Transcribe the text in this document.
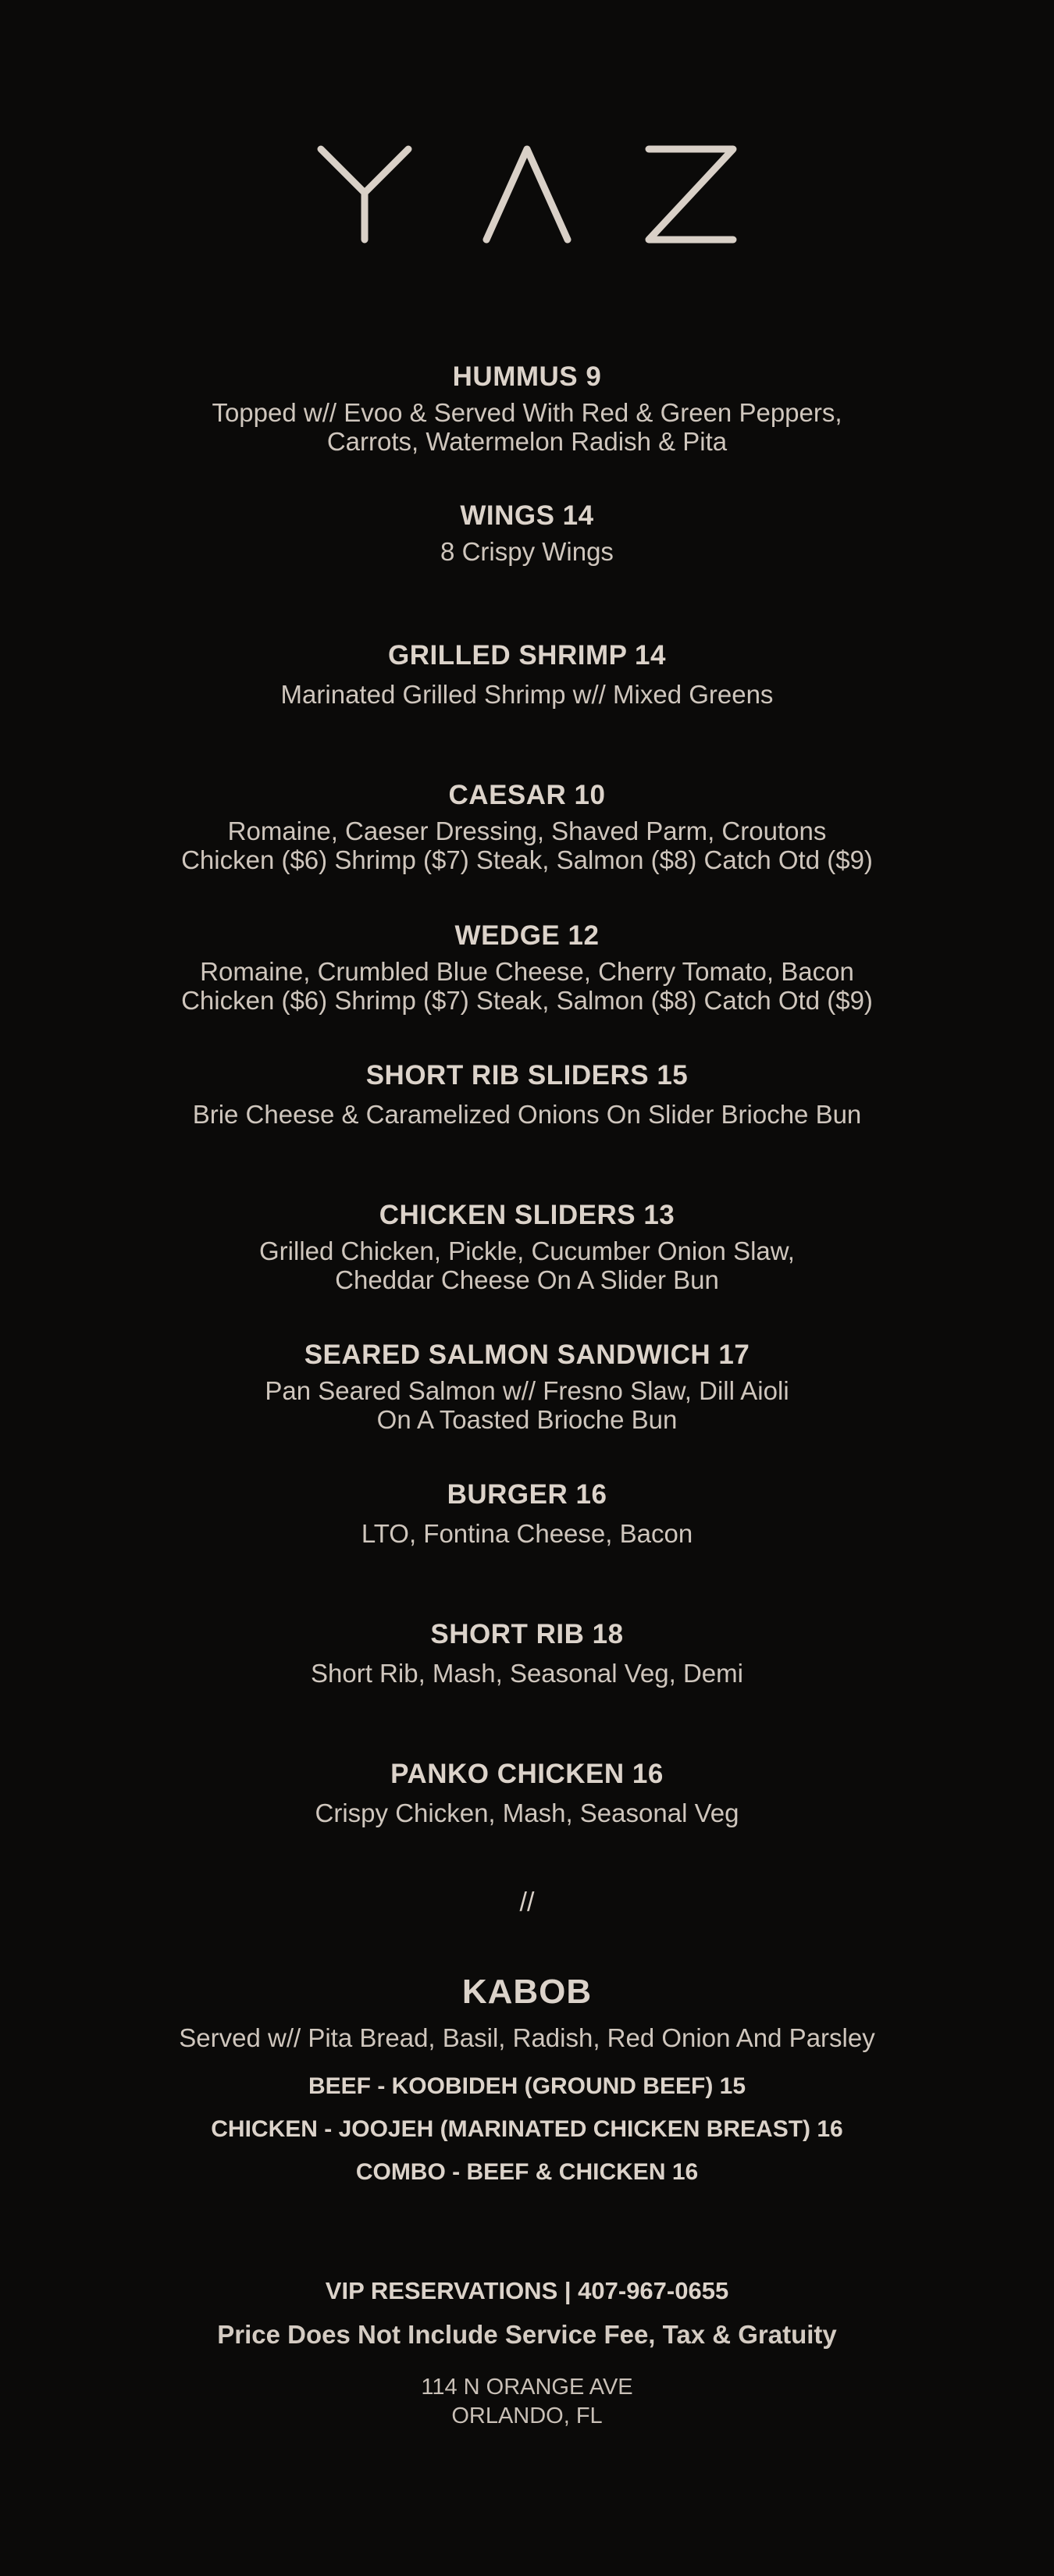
HUMMUS 9
Topped w// Evoo & Served With Red & Green Peppers,
Carrots, Watermelon Radish & Pita
WINGS 14
8 Crispy Wings
GRILLED SHRIMP 14
Marinated Grilled Shrimp w// Mixed Greens
CAESAR 10
Romaine, Caeser Dressing, Shaved Parm, Croutons
Chicken ($6) Shrimp ($7) Steak, Salmon ($8) Catch Otd ($9)
WEDGE 12
Romaine, Crumbled Blue Cheese, Cherry Tomato, Bacon
Chicken ($6) Shrimp ($7) Steak, Salmon ($8) Catch Otd ($9)
SHORT RIB SLIDERS 15
Brie Cheese & Caramelized Onions On Slider Brioche Bun
CHICKEN SLIDERS 13
Grilled Chicken, Pickle, Cucumber Onion Slaw,
Cheddar Cheese On A Slider Bun
SEARED SALMON SANDWICH 17
Pan Seared Salmon w// Fresno Slaw, Dill Aioli
On A Toasted Brioche Bun
BURGER 16
LTO, Fontina Cheese, Bacon
SHORT RIB 18
Short Rib, Mash, Seasonal Veg, Demi
PANKO CHICKEN 16
Crispy Chicken, Mash, Seasonal Veg
//
KABOB
Served w// Pita Bread, Basil, Radish, Red Onion And Parsley
BEEF - KOOBIDEH (GROUND BEEF) 15
CHICKEN - JOOJEH (MARINATED CHICKEN BREAST) 16
COMBO - BEEF & CHICKEN 16
VIP RESERVATIONS | 407-967-0655
Price Does Not Include Service Fee, Tax & Gratuity
114 N ORANGE AVE
ORLANDO, FL
